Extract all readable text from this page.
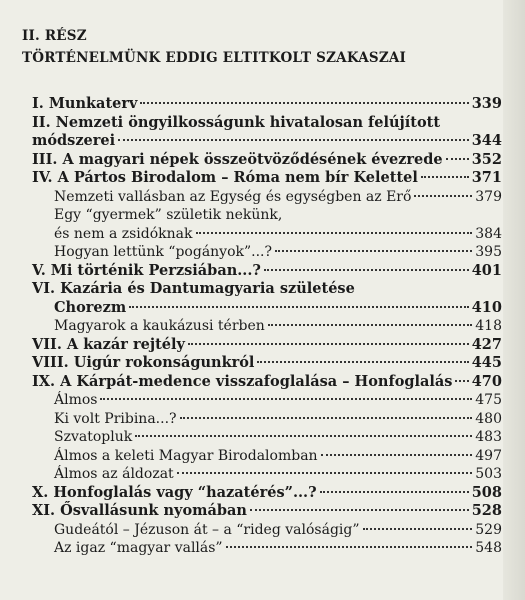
II. RÉSZ
TÖRTÉNELMÜNK EDDIG ELTITKOLT SZAKASZAI
I. Munkaterv	339
II. Nemzeti öngyilkosságunk hivatalosan felújított
módszerei	344
III. A magyari népek összeötvöződésének évezrede 352
IV. A Pártos Birodalom – Róma nem bír Kelettel	371
Nemzeti vallásban az Egység és egységben az Erő	379
Egy “gyermek” születik nekünk,
és nem a zsidóknak	384
Hogyan lettünk “pogányok”...?	395
V. Mi történik Perzsiában...?	401
VI. Kazária és Dantumagyaria születése
Chorezm	410
Magyarok a kaukázusi térben	418
VII. A kazár rejtély	427
VIII. Uigúr rokonságunkról	445
IX. A Kárpát-medence visszafoglalása – Honfoglalás 470
Álmos	475
Ki volt Pribina...?	480
Szvatopluk	483
Álmos a keleti Magyar Birodalomban	497
Álmos az áldozat	503
X. Honfoglalás vagy “hazatérés”...?	508
XI. Ősvallásunk nyomában	528
Gudeától – Jézuson át – a “rideg valóságig”	529
Az igaz “magyar vallás”	548
